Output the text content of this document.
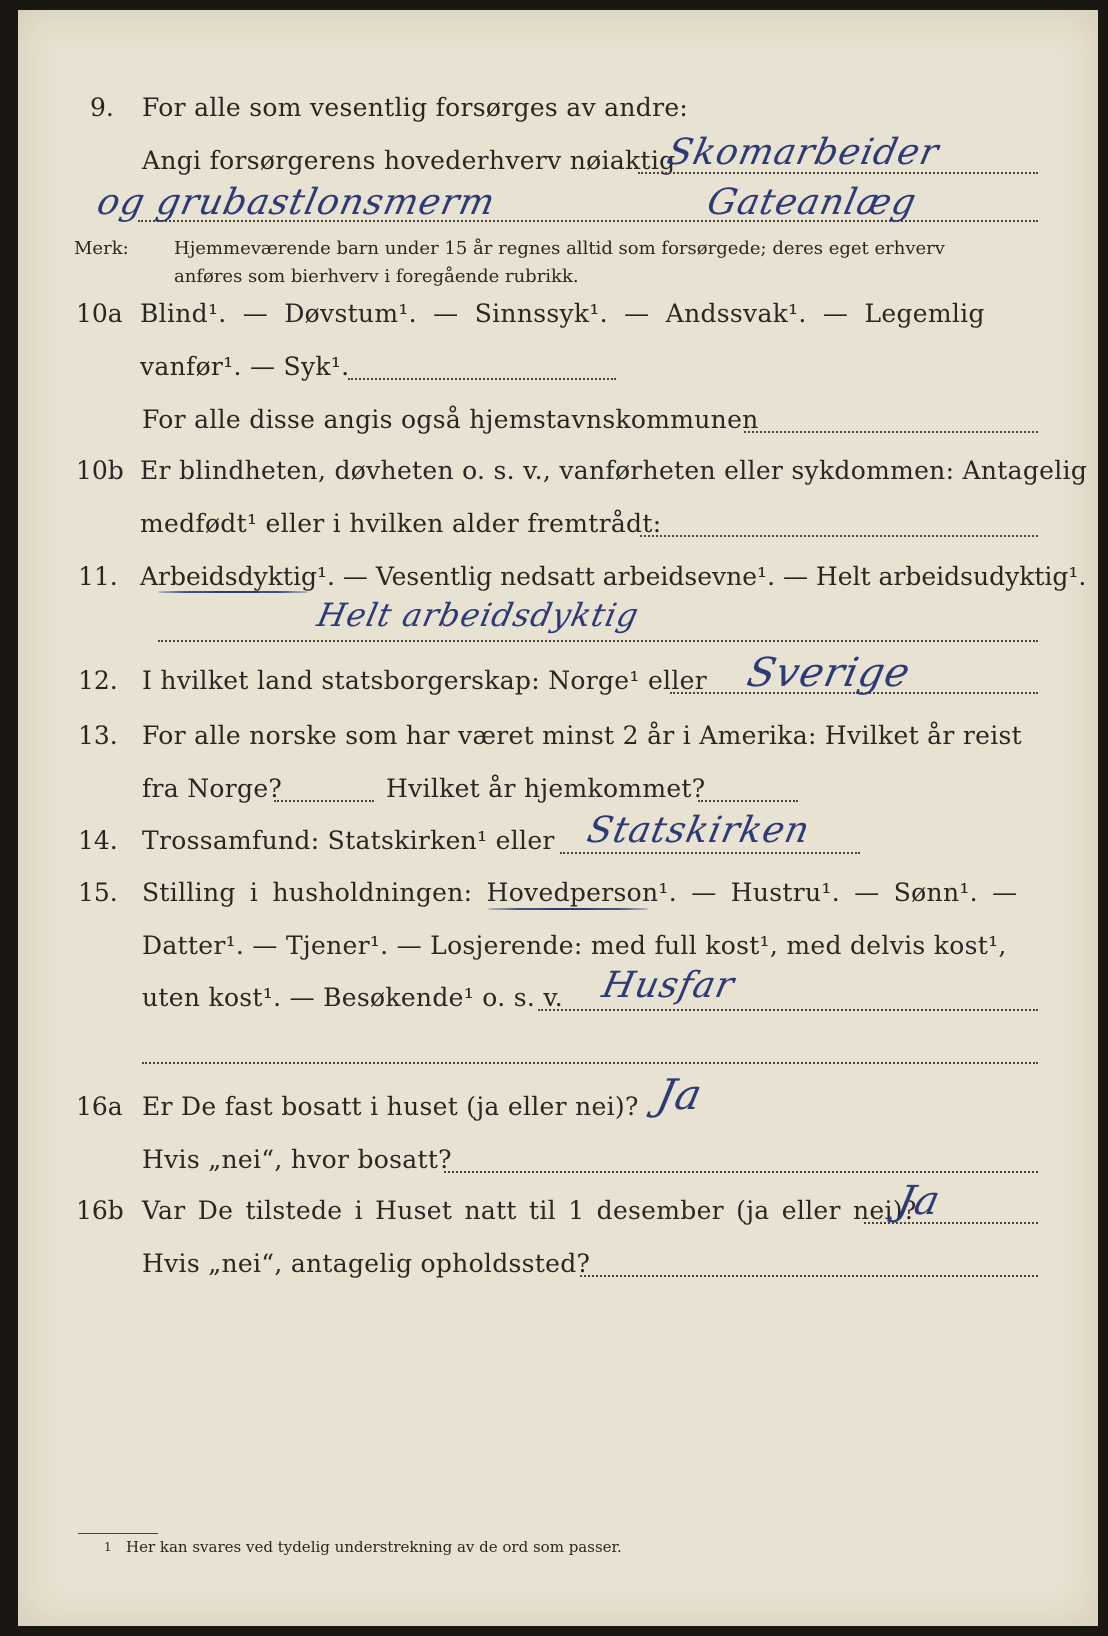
9. For alle som vesentlig forsørges av andre:
Angi forsørgerens hovederhverv nøiaktig
Skomarbeider
og grubastlonsmerm	Gateanlæg
Merk:	Hjemmeværende barn under 15 år regnes alltid som forsørgede; deres eget erhverv
anføres som bierhverv i foregående rubrikk.
10a Blind¹. — Døvstum¹. — Sinnssyk¹. — Andssvak¹. — Legemlig
vanfør¹. — Syk¹.
For alle disse angis også hjemstavnskommunen
10b Er blindheten, døvheten o. s. v., vanførheten eller sykdommen: Antagelig
medfødt¹ eller i hvilken alder fremtrådt:
11. Arbeidsdyktig¹. — Vesentlig nedsatt arbeidsevne¹. — Helt arbeidsudyktig¹.
Helt arbeidsdyktig
12. I hvilket land statsborgerskap: Norge¹ eller Sverige
13. For alle norske som har været minst 2 år i Amerika: Hvilket år reist
fra Norge?	Hvilket år hjemkommet?
14. Trossamfund: Statskirken¹ eller Statskirken
15. Stilling i husholdningen: Hovedperson¹. — Hustru¹. — Sønn¹. —
Datter¹. — Tjener¹. — Losjerende: med full kost¹, med delvis kost¹,
uten kost¹. — Besøkende¹ o. s. v. Husfar
16a Er De fast bosatt i huset (ja eller nei)? Ja
Hvis „nei“, hvor bosatt?
16b Var De tilstede i Huset natt til 1 desember (ja eller nei)?
Ja
Hvis „nei“, antagelig opholdssted?
1 Her kan svares ved tydelig understrekning av de ord som passer.
